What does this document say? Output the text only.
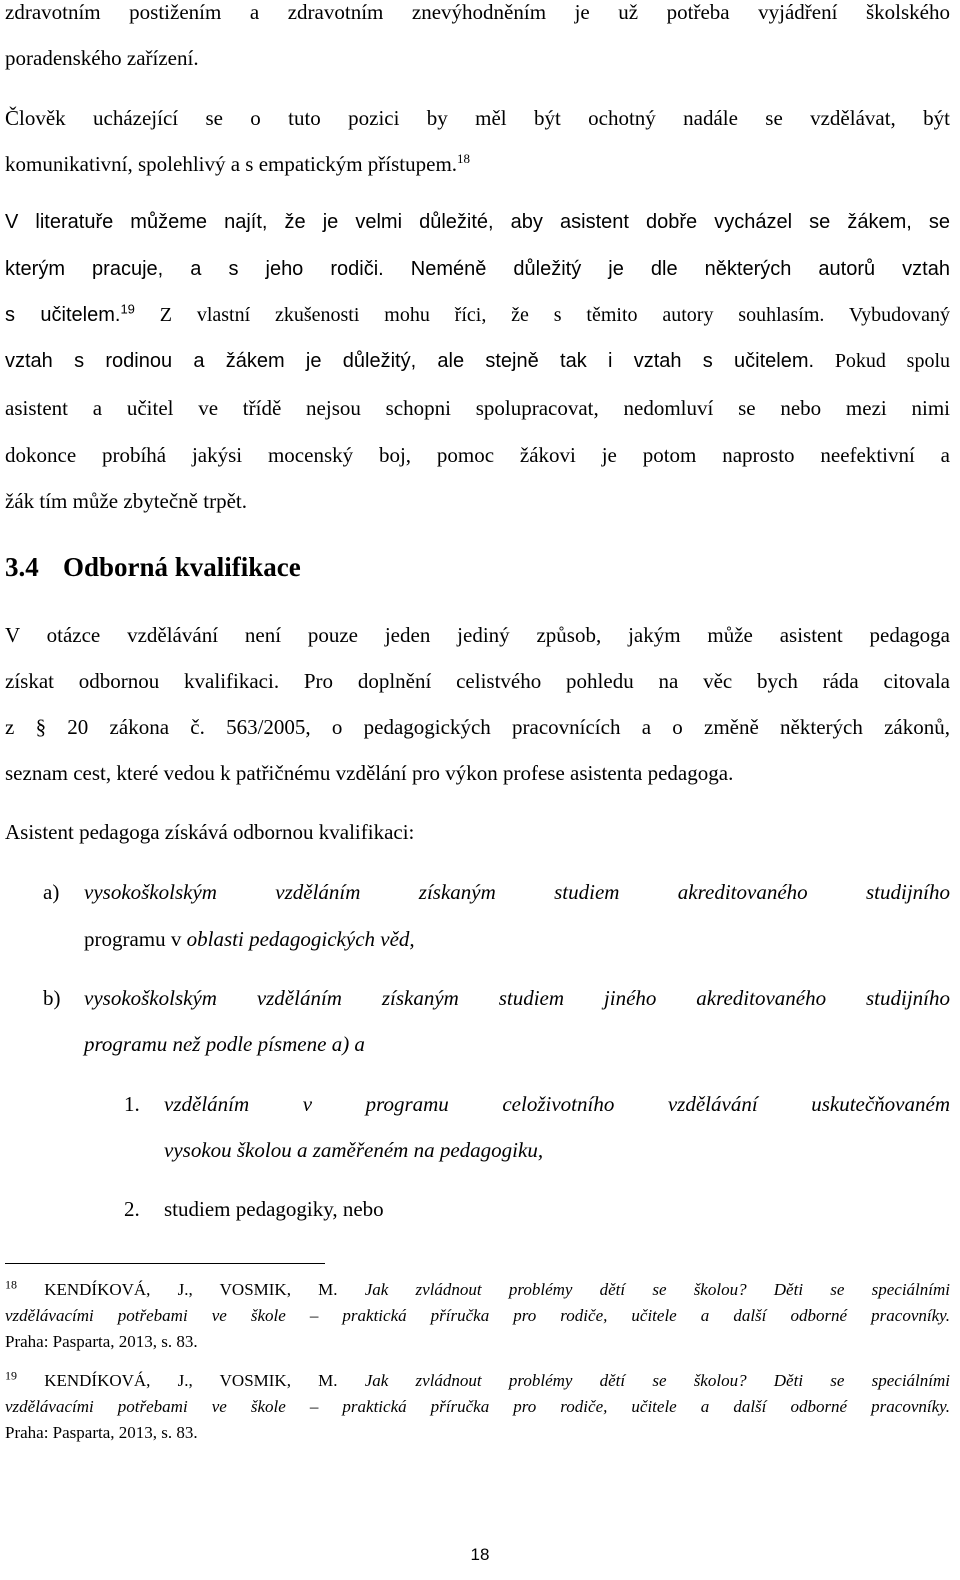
zdravotním postižením a zdravotním znevýhodněním je už potřeba vyjádření školského
poradenského zařízení.
Člověk ucházející se o tuto pozici by měl být ochotný nadále se vzdělávat, být
komunikativní, spolehlivý a s empatickým přístupem.$^{18}$
V literatuře můžeme najít, že je velmi důležité, aby asistent dobře vycházel se žákem, se
kterým pracuje, a s jeho rodiči. Neméně důležitý je dle některých autorů vztah
s učitelem.$^{19}$ Z vlastní zkušenosti mohu říci, že s těmito autory souhlasím. Vybudovaný
vztah s rodinou a žákem je důležitý, ale stejně tak i vztah s učitelem. Pokud spolu
asistent a učitel ve třídě nejsou schopni spolupracovat, nedomluví se nebo mezi nimi
dokonce probíhá jakýsi mocenský boj, pomoc žákovi je potom naprosto neefektivní a
žák tím může zbytečně trpět.
3.4 Odborná kvalifikace
V otázce vzdělávání není pouze jeden jediný způsob, jakým může asistent pedagoga
získat odbornou kvalifikaci. Pro doplnění celistvého pohledu na věc bych ráda citovala
z § 20 zákona č. 563/2005, o pedagogických pracovnících a o změně některých zákonů,
seznam cest, které vedou k patřičnému vzdělání pro výkon profese asistenta pedagoga.
Asistent pedagoga získává odbornou kvalifikaci:
a) vysokoškolským vzděláním získaným studiem akreditovaného studijního
programu v oblasti pedagogických věd,
b) vysokoškolským vzděláním získaným studiem jiného akreditovaného studijního
programu než podle písmene a) a
1. vzděláním v programu celoživotního vzdělávání uskutečňovaném
vysokou školou a zaměřeném na pedagogiku,
2. studiem pedagogiky, nebo
$^{18}$ KENDÍKOVÁ, J., VOSMIK, M. Jak zvládnout problémy dětí se školou? Děti se speciálními
vzdělávacími potřebami ve škole – praktická příručka pro rodiče, učitele a další odborné pracovníky.
Praha: Pasparta, 2013, s. 83.
$^{19}$ KENDÍKOVÁ, J., VOSMIK, M. Jak zvládnout problémy dětí se školou? Děti se speciálními
vzdělávacími potřebami ve škole – praktická příručka pro rodiče, učitele a další odborné pracovníky.
Praha: Pasparta, 2013, s. 83.
18
